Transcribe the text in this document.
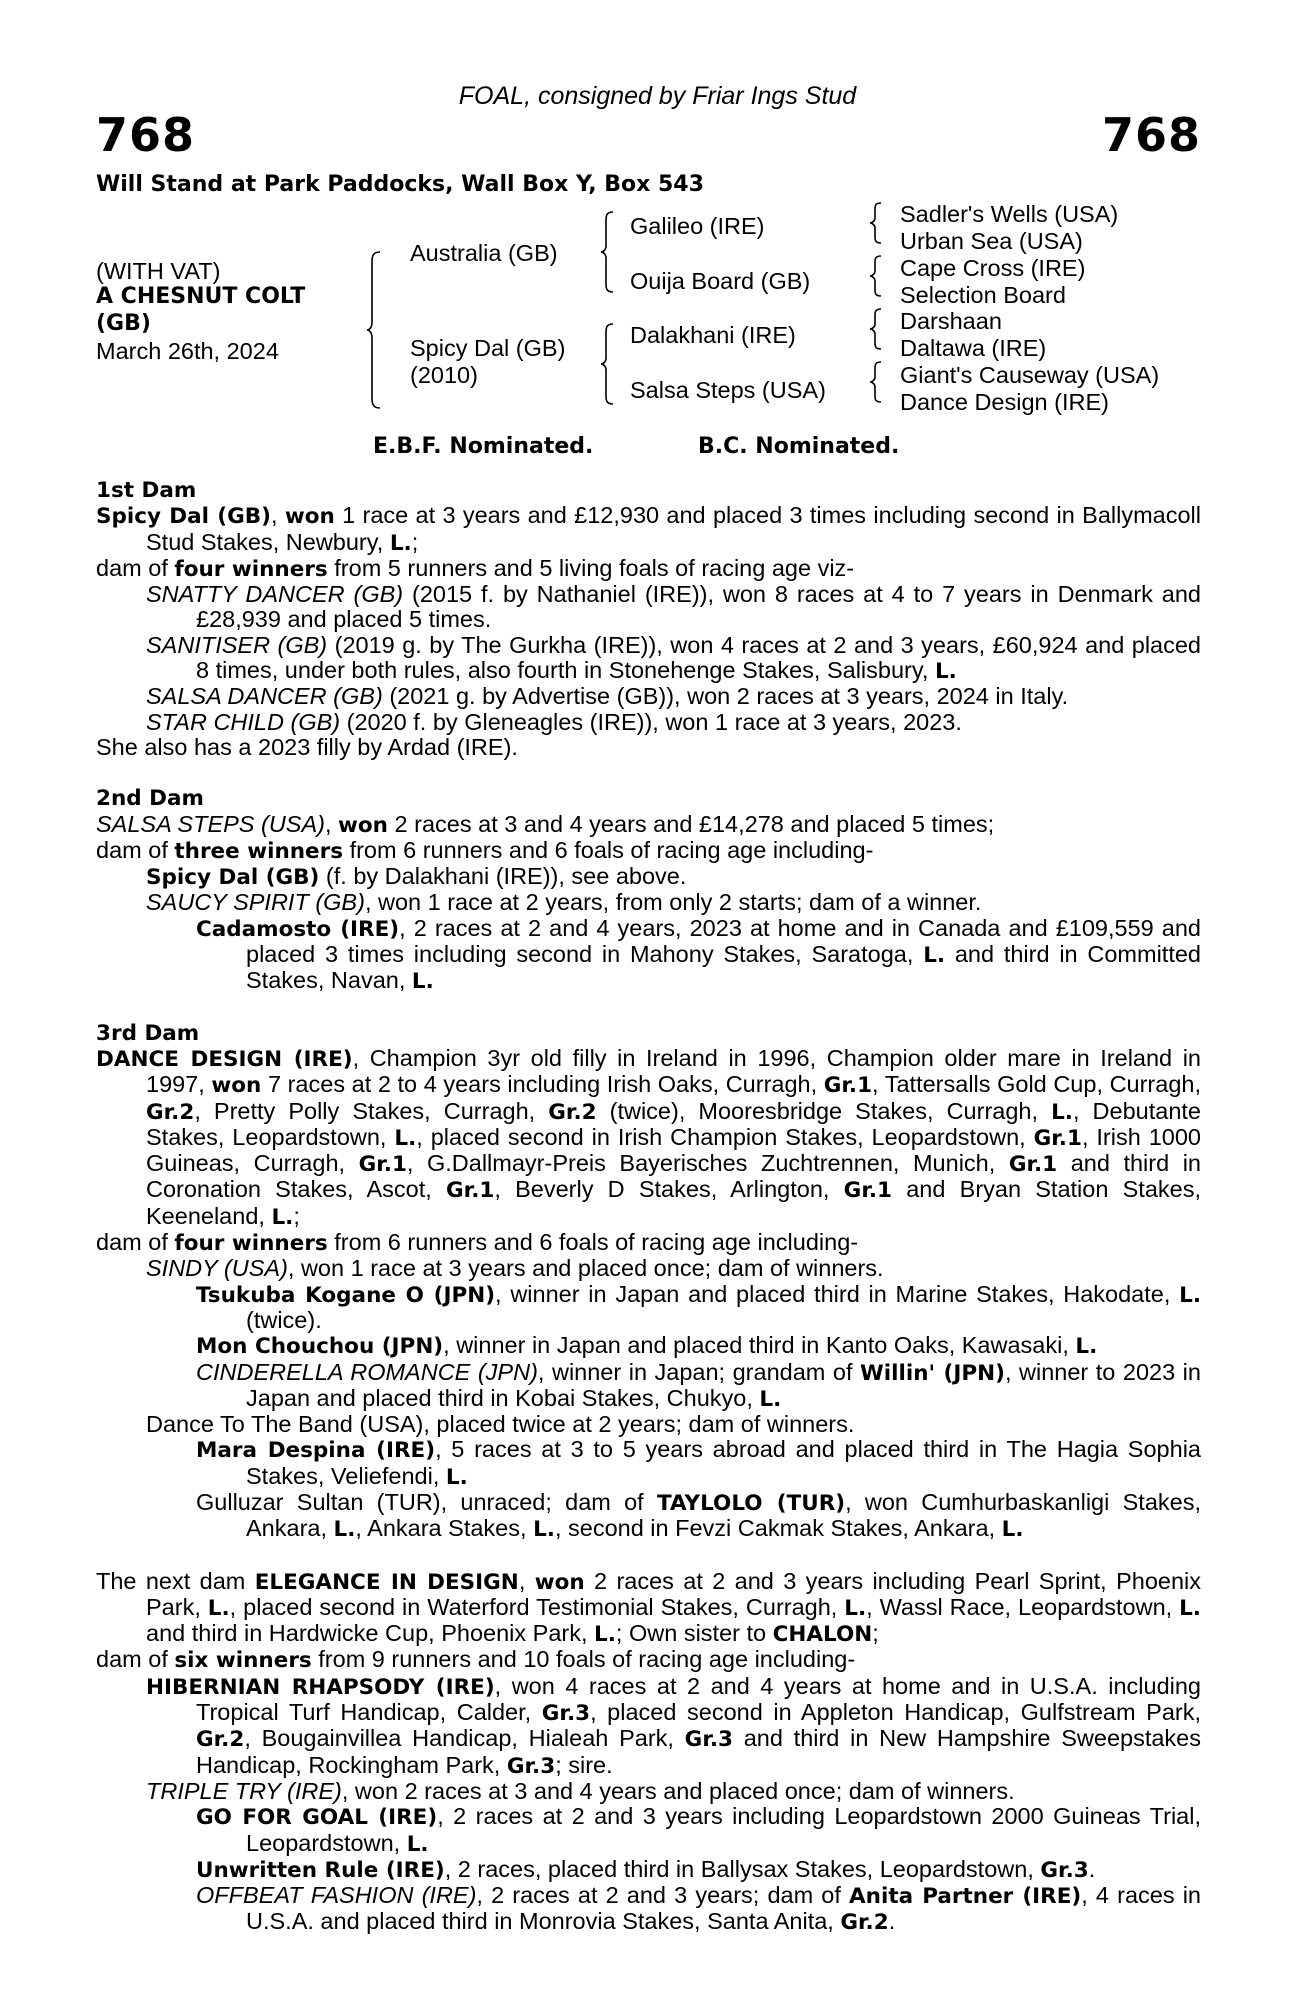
768	768
FOAL, consigned by Friar Ings Stud
Will Stand at Park Paddocks, Wall Box Y, Box 543
(WITH VAT)
A CHESNUT COLT
(GB)
March 26th, 2024
Australia (GB)
Spicy Dal (GB)
(2010)
Galileo (IRE)
Ouija Board (GB)
Dalakhani (IRE)
Salsa Steps (USA)
Sadler's Wells (USA)
Urban Sea (USA)
Cape Cross (IRE)
Selection Board
Darshaan
Daltawa (IRE)
Giant's Causeway (USA)
Dance Design (IRE)
E.B.F. Nominated.	B.C. Nominated.

1st Dam

Spicy Dal (GB), won 1 race at 3 years and £12,930 and placed 3 times including second in Ballymacoll Stud Stakes, Newbury, L.;

dam of four winners from 5 runners and 5 living foals of racing age viz-

SNATTY DANCER (GB) (2015 f. by Nathaniel (IRE)), won 8 races at 4 to 7 years in Denmark and £28,939 and placed 5 times.

SANITISER (GB) (2019 g. by The Gurkha (IRE)), won 4 races at 2 and 3 years, £60,924 and placed 8 times, under both rules, also fourth in Stonehenge Stakes, Salisbury, L.

SALSA DANCER (GB) (2021 g. by Advertise (GB)), won 2 races at 3 years, 2024 in Italy.

STAR CHILD (GB) (2020 f. by Gleneagles (IRE)), won 1 race at 3 years, 2023.

She also has a 2023 filly by Ardad (IRE).

2nd Dam

SALSA STEPS (USA), won 2 races at 3 and 4 years and £14,278 and placed 5 times;

dam of three winners from 6 runners and 6 foals of racing age including-

Spicy Dal (GB) (f. by Dalakhani (IRE)), see above.

SAUCY SPIRIT (GB), won 1 race at 2 years, from only 2 starts; dam of a winner.

Cadamosto (IRE), 2 races at 2 and 4 years, 2023 at home and in Canada and £109,559 and placed 3 times including second in Mahony Stakes, Saratoga, L. and third in Committed Stakes, Navan, L.

3rd Dam

DANCE DESIGN (IRE), Champion 3yr old filly in Ireland in 1996, Champion older mare in Ireland in 1997, won 7 races at 2 to 4 years including Irish Oaks, Curragh, Gr.1, Tattersalls Gold Cup, Curragh, Gr.2, Pretty Polly Stakes, Curragh, Gr.2 (twice), Mooresbridge Stakes, Curragh, L., Debutante Stakes, Leopardstown, L., placed second in Irish Champion Stakes, Leopardstown, Gr.1, Irish 1000 Guineas, Curragh, Gr.1, G.Dallmayr-Preis Bayerisches Zuchtrennen, Munich, Gr.1 and third in Coronation Stakes, Ascot, Gr.1, Beverly D Stakes, Arlington, Gr.1 and Bryan Station Stakes, Keeneland, L.;

dam of four winners from 6 runners and 6 foals of racing age including-

SINDY (USA), won 1 race at 3 years and placed once; dam of winners.

Tsukuba Kogane O (JPN), winner in Japan and placed third in Marine Stakes, Hakodate, L. (twice).

Mon Chouchou (JPN), winner in Japan and placed third in Kanto Oaks, Kawasaki, L.

CINDERELLA ROMANCE (JPN), winner in Japan; grandam of Willin' (JPN), winner to 2023 in Japan and placed third in Kobai Stakes, Chukyo, L.

Dance To The Band (USA), placed twice at 2 years; dam of winners.

Mara Despina (IRE), 5 races at 3 to 5 years abroad and placed third in The Hagia Sophia Stakes, Veliefendi, L.

Gulluzar Sultan (TUR), unraced; dam of TAYLOLO (TUR), won Cumhurbaskanligi Stakes, Ankara, L., Ankara Stakes, L., second in Fevzi Cakmak Stakes, Ankara, L.

The next dam ELEGANCE IN DESIGN, won 2 races at 2 and 3 years including Pearl Sprint, Phoenix Park, L., placed second in Waterford Testimonial Stakes, Curragh, L., Wassl Race, Leopardstown, L. and third in Hardwicke Cup, Phoenix Park, L.; Own sister to CHALON;

dam of six winners from 9 runners and 10 foals of racing age including-

HIBERNIAN RHAPSODY (IRE), won 4 races at 2 and 4 years at home and in U.S.A. including Tropical Turf Handicap, Calder, Gr.3, placed second in Appleton Handicap, Gulfstream Park, Gr.2, Bougainvillea Handicap, Hialeah Park, Gr.3 and third in New Hampshire Sweepstakes Handicap, Rockingham Park, Gr.3; sire.

TRIPLE TRY (IRE), won 2 races at 3 and 4 years and placed once; dam of winners.

GO FOR GOAL (IRE), 2 races at 2 and 3 years including Leopardstown 2000 Guineas Trial, Leopardstown, L.

Unwritten Rule (IRE), 2 races, placed third in Ballysax Stakes, Leopardstown, Gr.3.

OFFBEAT FASHION (IRE), 2 races at 2 and 3 years; dam of Anita Partner (IRE), 4 races in U.S.A. and placed third in Monrovia Stakes, Santa Anita, Gr.2.
